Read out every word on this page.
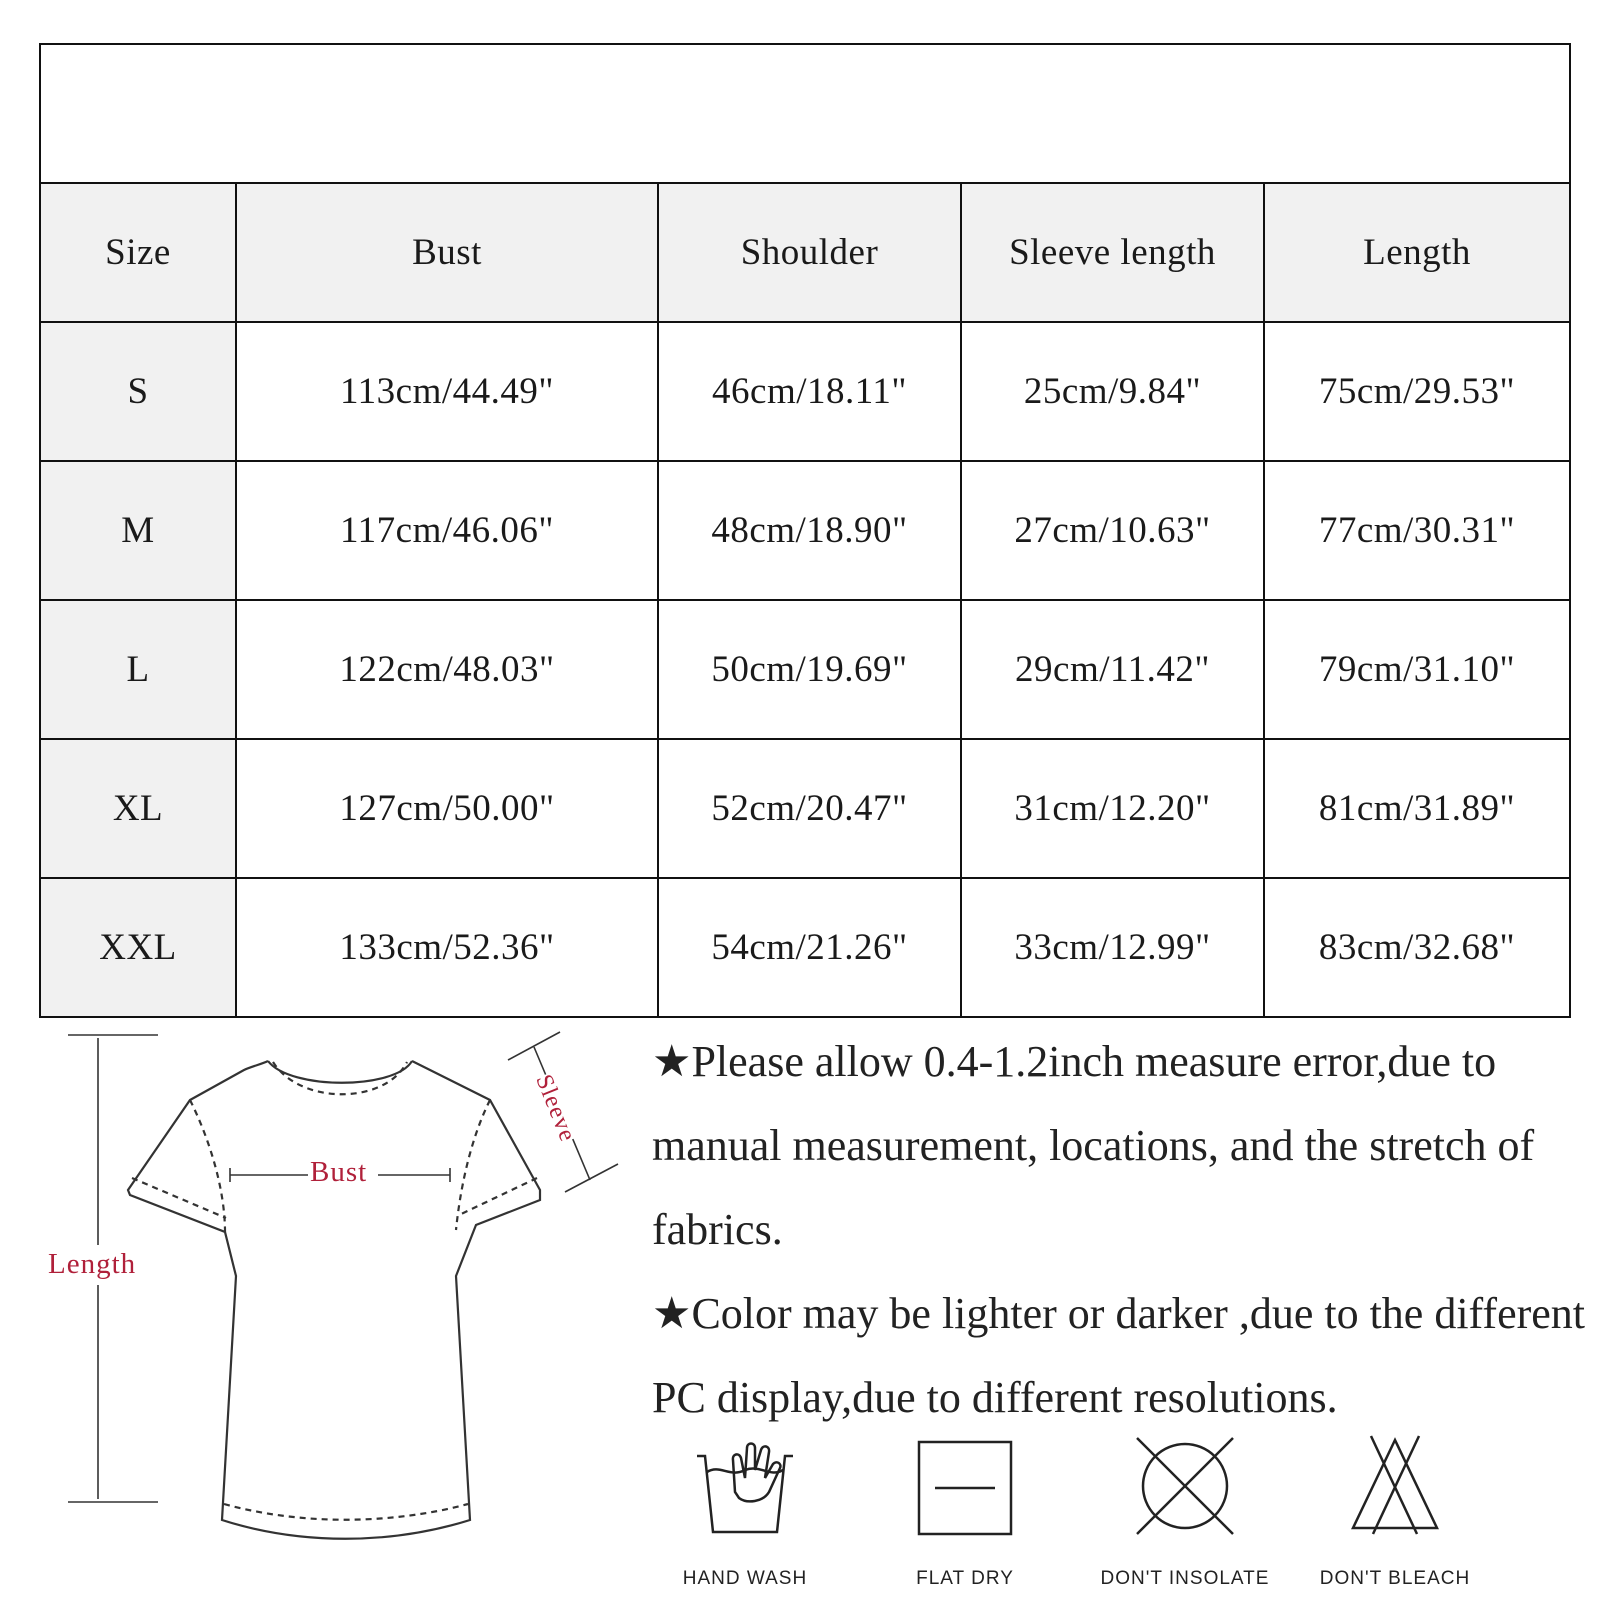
Size Chart				
Size	Bust	Shoulder	Sleeve length	Length
S	113cm/44.49"	46cm/18.11"	25cm/9.84"	75cm/29.53"
M	117cm/46.06"	48cm/18.90"	27cm/10.63"	77cm/30.31"
L	122cm/48.03"	50cm/19.69"	29cm/11.42"	79cm/31.10"
XL	127cm/50.00"	52cm/20.47"	31cm/12.20"	81cm/31.89"
XXL	133cm/52.36"	54cm/21.26"	33cm/12.99"	83cm/32.68"
Bust
Length
Sleeve

★Please allow 0.4-1.2inch measure error,due to manual measurement, locations, and the stretch of fabrics.

★Color may be lighter or darker ,due to the different PC display,due to different resolutions.

HAND WASH	FLAT DRY	DON'T INSOLATE	DON'T BLEACH
